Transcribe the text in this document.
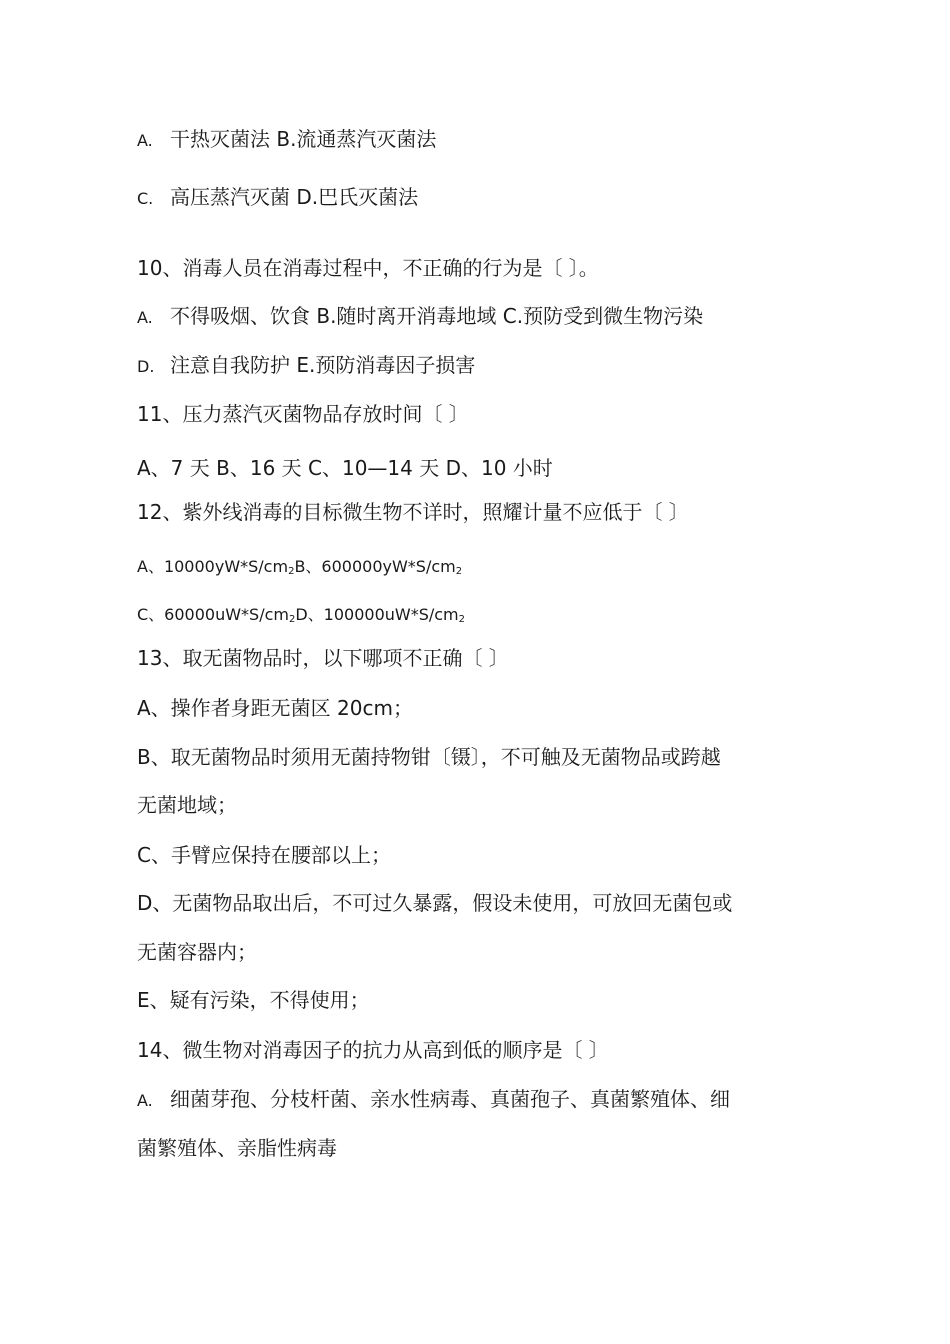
A. 干热灭菌法 B.流通蒸汽灭菌法
C. 高压蒸汽灭菌 D.巴氏灭菌法
10、消毒人员在消毒过程中，不正确的行为是〔 〕。
A. 不得吸烟、饮食 B.随时离开消毒地域 C.预防受到微生物污染
D. 注意自我防护 E.预防消毒因子损害
11、压力蒸汽灭菌物品存放时间〔 〕
A、7 天 B、16 天 C、10—14 天 D、10 小时
12、紫外线消毒的目标微生物不详时，照耀计量不应低于〔 〕
A、$10000yW*S/cm_2B$、$600000yW*S/cm_2$
C、$60000uW*S/cm_2D$、$100000uW*S/cm_2$
13、取无菌物品时，以下哪项不正确〔 〕
A、操作者身距无菌区 20cm；
B、取无菌物品时须用无菌持物钳〔镊〕，不可触及无菌物品或跨越
无菌地域；
C、手臂应保持在腰部以上；
D、无菌物品取出后，不可过久暴露，假设未使用，可放回无菌包或
无菌容器内；
E、疑有污染，不得使用；
14、微生物对消毒因子的抗力从高到低的顺序是〔 〕
A. 细菌芽孢、分枝杆菌、亲水性病毒、真菌孢子、真菌繁殖体、细
菌繁殖体、亲脂性病毒
